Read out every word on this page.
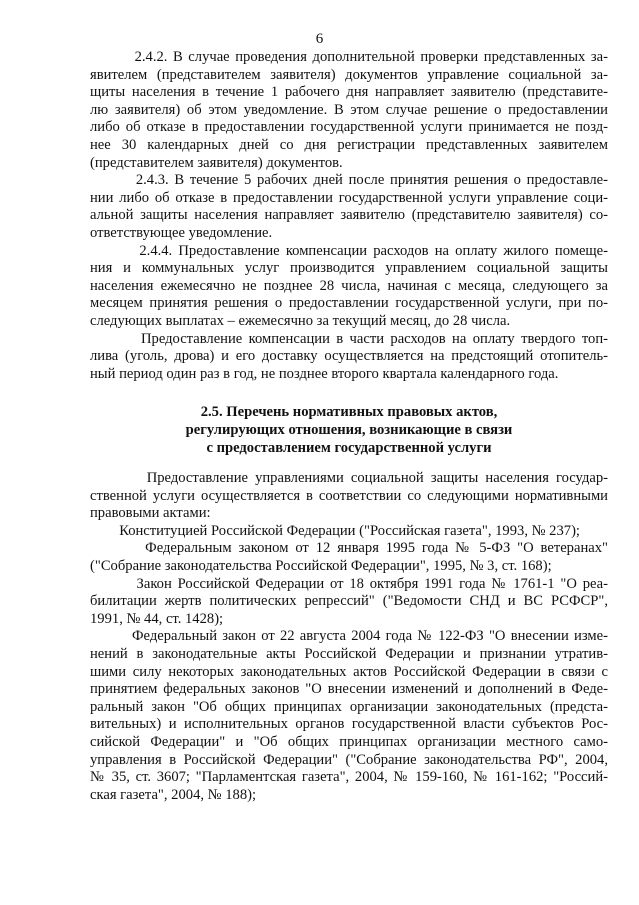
6
2.4.2. В случае проведения дополнительной проверки представленных за-
явителем (представителем заявителя) документов управление социальной за-
щиты населения в течение 1 рабочего дня направляет заявителю (представите-
лю заявителя) об этом уведомление. В этом случае решение о предоставлении
либо об отказе в предоставлении государственной услуги принимается не позд-
нее 30 календарных дней со дня регистрации представленных заявителем
(представителем заявителя) документов.
2.4.3. В течение 5 рабочих дней после принятия решения о предоставле-
нии либо об отказе в предоставлении государственной услуги управление соци-
альной защиты населения направляет заявителю (представителю заявителя) со-
ответствующее уведомление.
2.4.4. Предоставление компенсации расходов на оплату жилого помеще-
ния и коммунальных услуг производится управлением социальной защиты
населения ежемесячно не позднее 28 числа, начиная с месяца, следующего за
месяцем принятия решения о предоставлении государственной услуги, при по-
следующих выплатах – ежемесячно за текущий месяц, до 28 числа.
Предоставление компенсации в части расходов на оплату твердого топ-
лива (уголь, дрова) и его доставку осуществляется на предстоящий отопитель-
ный период один раз в год, не позднее второго квартала календарного года.
2.5. Перечень нормативных правовых актов,
регулирующих отношения, возникающие в связи
с предоставлением государственной услуги
Предоставление управлениями социальной защиты населения государ-
ственной услуги осуществляется в соответствии со следующими нормативными
правовыми актами:
Конституцией Российской Федерации ("Российская газета", 1993, № 237);
Федеральным законом от 12 января 1995 года № 5-ФЗ "О ветеранах"
("Собрание законодательства Российской Федерации", 1995, № 3, ст. 168);
Закон Российской Федерации от 18 октября 1991 года № 1761-1 "О реа-
билитации жертв политических репрессий" ("Ведомости СНД и ВС РСФСР",
1991, № 44, ст. 1428);
Федеральный закон от 22 августа 2004 года № 122-ФЗ "О внесении изме-
нений в законодательные акты Российской Федерации и признании утратив-
шими силу некоторых законодательных актов Российской Федерации в связи с
принятием федеральных законов "О внесении изменений и дополнений в Феде-
ральный закон "Об общих принципах организации законодательных (предста-
вительных) и исполнительных органов государственной власти субъектов Рос-
сийской Федерации" и "Об общих принципах организации местного само-
управления в Российской Федерации" ("Собрание законодательства РФ", 2004,
№ 35, ст. 3607; "Парламентская газета", 2004, № 159-160, № 161-162; "Россий-
ская газета", 2004, № 188);
